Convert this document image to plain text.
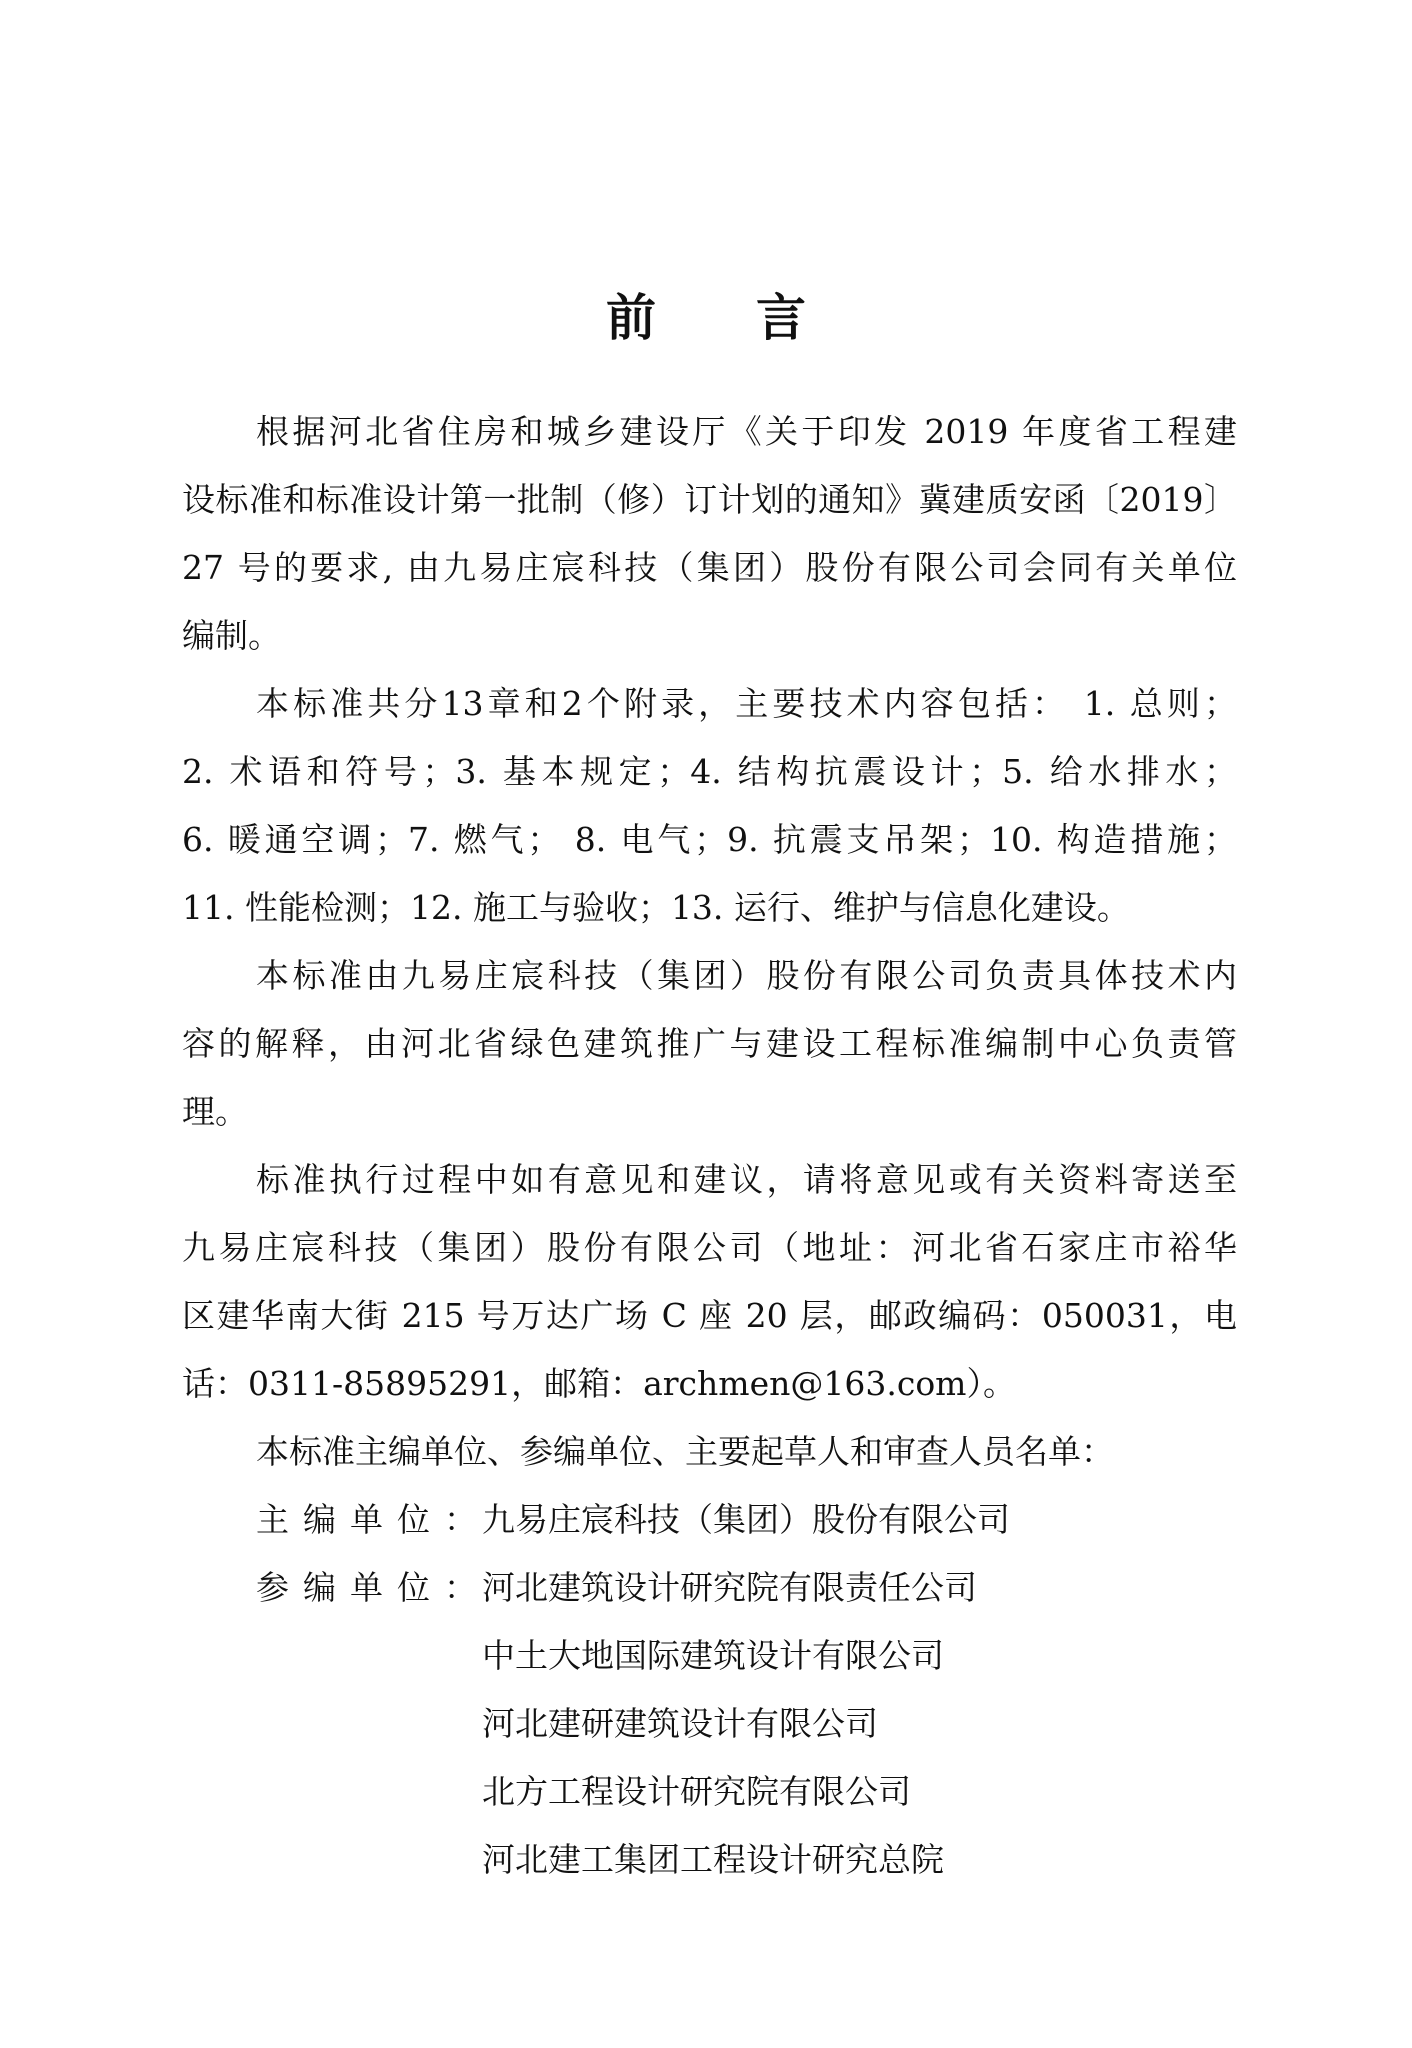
前 言
根据河北省住房和城乡建设厅《关于印发 2019 年度省工程建
设标准和标准设计第一批制（修）订计划的通知》冀建质安函〔2019〕
27 号的要求, 由九易庄宸科技（集团）股份有限公司会同有关单位
编制。
本标准共分13章和2个附录，主要技术内容包括： 1. 总则；
2. 术语和符号；3. 基本规定；4. 结构抗震设计；5. 给水排水；
6. 暖通空调；7. 燃气； 8. 电气；9. 抗震支吊架；10. 构造措施；
11. 性能检测；12. 施工与验收；13. 运行、维护与信息化建设。
本标准由九易庄宸科技（集团）股份有限公司负责具体技术内
容的解释，由河北省绿色建筑推广与建设工程标准编制中心负责管
理。
标准执行过程中如有意见和建议，请将意见或有关资料寄送至
九易庄宸科技（集团）股份有限公司（地址：河北省石家庄市裕华
区建华南大街 215 号万达广场 C 座 20 层，邮政编码：050031，电
话：0311-85895291，邮箱：archmen@163.com）。
本标准主编单位、参编单位、主要起草人和审查人员名单：
主编单位：
九易庄宸科技（集团）股份有限公司
参编单位：
河北建筑设计研究院有限责任公司
中土大地国际建筑设计有限公司
河北建研建筑设计有限公司
北方工程设计研究院有限公司
河北建工集团工程设计研究总院
